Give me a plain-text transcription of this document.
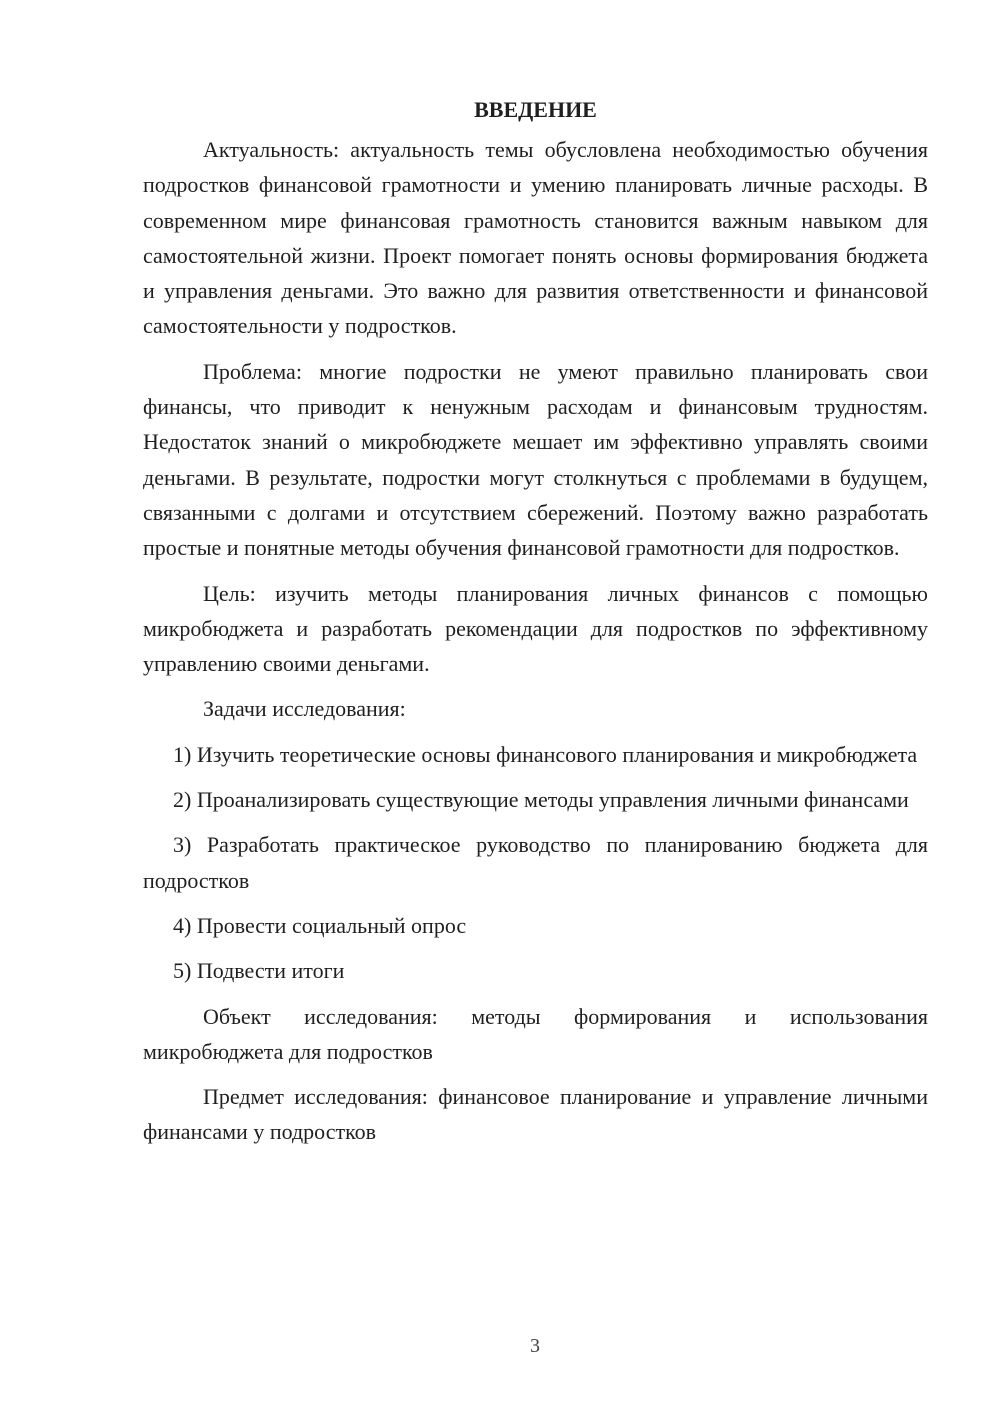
ВВЕДЕНИЕ

Актуальность: актуальность темы обусловлена необходимостью обучения подростков финансовой грамотности и умению планировать личные расходы. В современном мире финансовая грамотность становится важным навыком для самостоятельной жизни. Проект помогает понять основы формирования бюджета и управления деньгами. Это важно для развития ответственности и финансовой самостоятельности у подростков.

Проблема: многие подростки не умеют правильно планировать свои финансы, что приводит к ненужным расходам и финансовым трудностям. Недостаток знаний о микробюджете мешает им эффективно управлять своими деньгами. В результате, подростки могут столкнуться с проблемами в будущем, связанными с долгами и отсутствием сбережений. Поэтому важно разработать простые и понятные методы обучения финансовой грамотности для подростков.

Цель: изучить методы планирования личных финансов с помощью микробюджета и разработать рекомендации для подростков по эффективному управлению своими деньгами.

Задачи исследования:

1) Изучить теоретические основы финансового планирования и микробюджета

2) Проанализировать существующие методы управления личными финансами

3) Разработать практическое руководство по планированию бюджета для подростков

4) Провести социальный опрос

5) Подвести итоги

Объект исследования: методы формирования и использования микробюджета для подростков

Предмет исследования: финансовое планирование и управление личными финансами у подростков

3
